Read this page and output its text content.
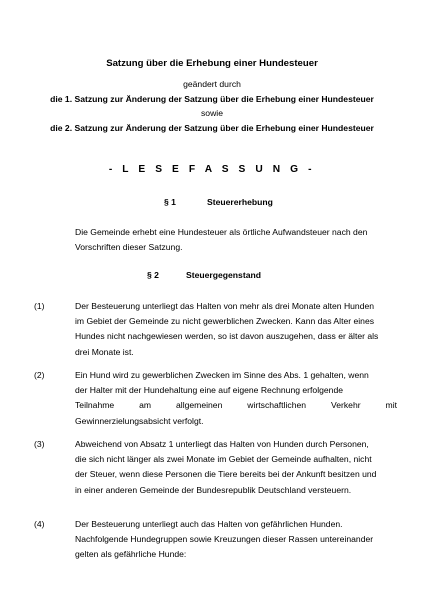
Satzung über die Erhebung einer Hundesteuer
geändert durch
die 1. Satzung zur Änderung der Satzung über die Erhebung einer Hundesteuer
sowie
die 2. Satzung zur Änderung der Satzung über die Erhebung einer Hundesteuer
- L E S E F A S S U N G -
§ 1	Steuererhebung
Die Gemeinde erhebt eine Hundesteuer als örtliche Aufwandsteuer nach den
Vorschriften dieser Satzung.
§ 2	Steuergegenstand
(1)	Der Besteuerung unterliegt das Halten von mehr als drei Monate alten Hunden
im Gebiet der Gemeinde zu nicht gewerblichen Zwecken. Kann das Alter eines
Hundes nicht nachgewiesen werden, so ist davon auszugehen, dass er älter als
drei Monate ist.
(2)	Ein Hund wird zu gewerblichen Zwecken im Sinne des Abs. 1 gehalten, wenn
der Halter mit der Hundehaltung eine auf eigene Rechnung erfolgende
Teilnahme	am	allgemeinen	wirtschaftlichen	Verkehr	mit
Gewinnerzielungsabsicht verfolgt.
(3)	Abweichend von Absatz 1 unterliegt das Halten von Hunden durch Personen,
die sich nicht länger als zwei Monate im Gebiet der Gemeinde aufhalten, nicht
der Steuer, wenn diese Personen die Tiere bereits bei der Ankunft besitzen und
in einer anderen Gemeinde der Bundesrepublik Deutschland versteuern.
(4)	Der Besteuerung unterliegt auch das Halten von gefährlichen Hunden.
Nachfolgende Hundegruppen sowie Kreuzungen dieser Rassen untereinander
gelten als gefährliche Hunde:
